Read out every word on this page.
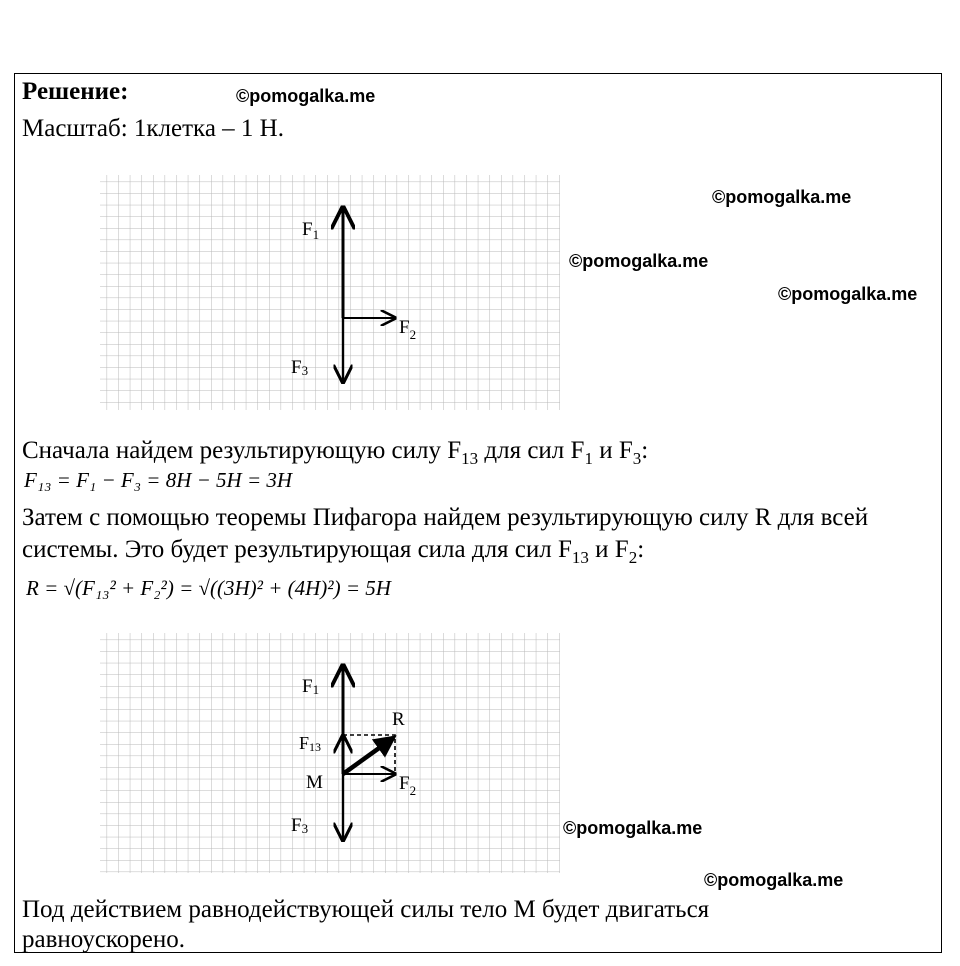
Решение:	©pomogalka.me
Масштаб: 1клетка – 1 Н.
©pomogalka.me
©pomogalka.me
©pomogalka.me
$F_1$
$F_2$
F3
Сначала найдем результирующую силу $F_{13}$ для сил $F_1$ и $F_3$:
F₁₃ = F₁ − F₃ = 8H − 5H = 3H
Затем с помощью теоремы Пифагора найдем результирующую силу R для всей
системы. Это будет результирующая сила для сил $F_{13}$ и $F_2$:
R = √(F₁₃² + F₂²) = √((3H)² + (4H)²) = 5H
F1
F13
R
M	$F_2$
F3	©pomogalka.me
©pomogalka.me
Под действием равнодействующей силы тело М будет двигаться
равноускорено.
